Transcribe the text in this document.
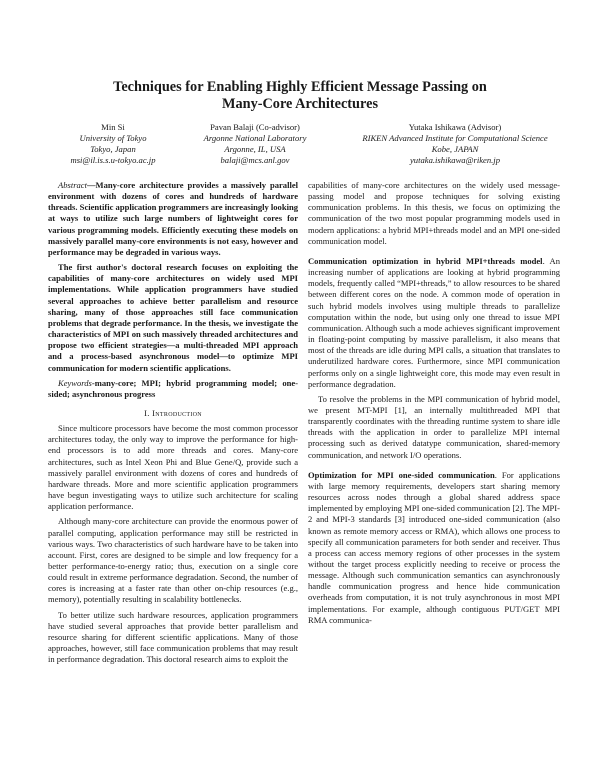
Techniques for Enabling Highly Efficient Message Passing on
Many-Core Architectures
Min Si
University of Tokyo
Tokyo, Japan
msi@il.is.s.u-tokyo.ac.jp
Pavan Balaji (Co-advisor)
Argonne National Laboratory
Argonne, IL, USA
balaji@mcs.anl.gov
Yutaka Ishikawa (Advisor)
RIKEN Advanced Institute for Computational Science
Kobe, JAPAN
yutaka.ishikawa@riken.jp

Abstract—Many-core architecture provides a massively parallel environment with dozens of cores and hundreds of hardware threads. Scientific application programmers are increasingly looking at ways to utilize such large numbers of lightweight cores for various programming models. Efficiently executing these models on massively parallel many-core environments is not easy, however and performance may be degraded in various ways.

The first author's doctoral research focuses on exploiting the capabilities of many-core architectures on widely used MPI implementations. While application programmers have studied several approaches to achieve better parallelism and resource sharing, many of those approaches still face communication problems that degrade performance. In the thesis, we investigate the characteristics of MPI on such massively threaded architectures and propose two efficient strategies—a multi-threaded MPI approach and a process-based asynchronous model—to optimize MPI communication for modern scientific applications.

Keywords-many-core; MPI; hybrid programming model; one-sided; asynchronous progress

I. Introduction

Since multicore processors have become the most common processor architectures today, the only way to improve the performance for high-end processors is to add more threads and cores. Many-core architectures, such as Intel Xeon Phi and Blue Gene/Q, provide such a massively parallel environment with dozens of cores and hundreds of hardware threads. More and more scientific application programmers have begun investigating ways to utilize such architecture for scaling application performance.

Although many-core architecture can provide the enormous power of parallel computing, application performance may still be restricted in various ways. Two characteristics of such hardware have to be taken into account. First, cores are designed to be simple and low frequency for a better performance-to-energy ratio; thus, execution on a single core could result in extreme performance degradation. Second, the number of cores is increasing at a faster rate than other on-chip resources (e.g., memory), potentially resulting in scalability bottlenecks.

To better utilize such hardware resources, application programmers have studied several approaches that provide better parallelism and resource sharing for different scientific applications. Many of those approaches, however, still face communication problems that may result in performance degradation. This doctoral research aims to exploit the

capabilities of many-core architectures on the widely used message-passing model and propose techniques for solving existing communication problems. In this thesis, we focus on optimizing the communication of the two most popular programming models used in modern applications: a hybrid MPI+threads model and an MPI one-sided communication model.

Communication optimization in hybrid MPI+threads model. An increasing number of applications are looking at hybrid programming models, frequently called “MPI+threads,” to allow resources to be shared between different cores on the node. A common mode of operation in such hybrid models involves using multiple threads to parallelize computation within the node, but using only one thread to issue MPI communication. Although such a mode achieves significant improvement in floating-point computing by massive parallelism, it also means that most of the threads are idle during MPI calls, a situation that translates to underutilized hardware cores. Furthermore, since MPI communication performs only on a single lightweight core, this mode may even result in performance degradation.

To resolve the problems in the MPI communication of hybrid model, we present MT-MPI [1], an internally multithreaded MPI that transparently coordinates with the threading runtime system to share idle threads with the application in order to parallelize MPI internal processing such as derived datatype communication, shared-memory communication, and network I/O operations.

Optimization for MPI one-sided communication. For applications with large memory requirements, developers start sharing memory resources across nodes through a global shared address space implemented by employing MPI one-sided communication [2]. The MPI-2 and MPI-3 standards [3] introduced one-sided communication (also known as remote memory access or RMA), which allows one process to specify all communication parameters for both sender and receiver. Thus a process can access memory regions of other processes in the system without the target process explicitly needing to receive or process the message. Although such communication semantics can asynchronously handle communication progress and hence hide communication overheads from computation, it is not truly asynchronous in most MPI implementations. For example, although contiguous PUT/GET MPI RMA communica-
